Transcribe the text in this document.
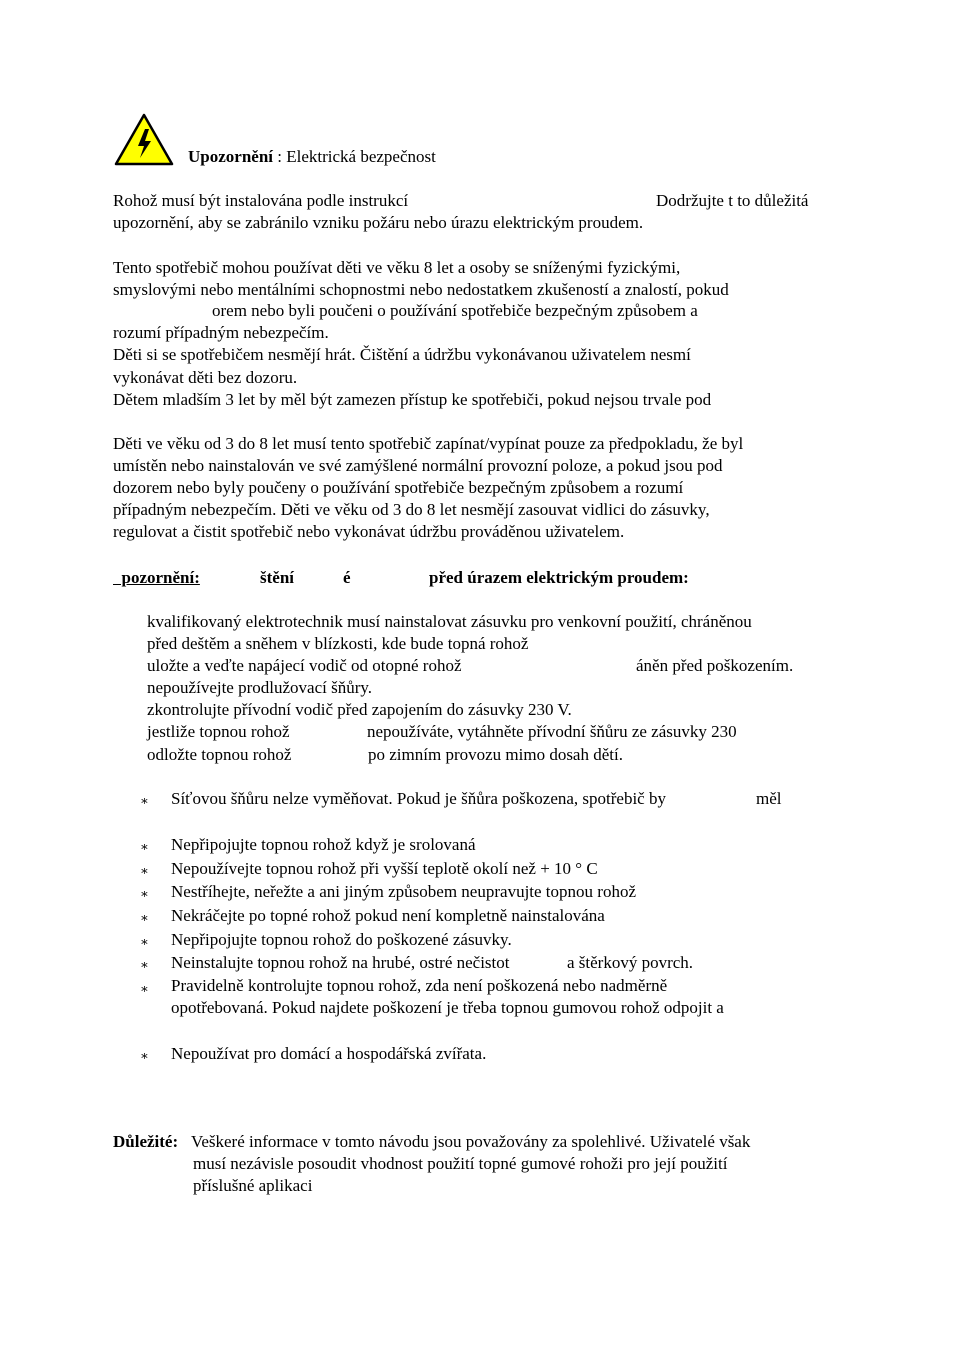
Upozornění : Elektrická bezpečnost
Rohož musí být instalována podle instrukcí	Dodržujte t to důležitá
upozornění, aby se zabránilo vzniku požáru nebo úrazu elektrickým proudem.
Tento spotřebič mohou používat děti ve věku 8 let a osoby se sníženými fyzickými,
smyslovými nebo mentálními schopnostmi nebo nedostatkem zkušeností a znalostí, pokud
orem nebo byli poučeni o používání spotřebiče bezpečným způsobem a
rozumí případným nebezpečím.
Děti si se spotřebičem nesmějí hrát. Čištění a údržbu vykonávanou uživatelem nesmí
vykonávat děti bez dozoru.
Dětem mladším 3 let by měl být zamezen přístup ke spotřebiči, pokud nejsou trvale pod
Děti ve věku od 3 do 8 let musí tento spotřebič zapínat/vypínat pouze za předpokladu, že byl
umístěn nebo nainstalován ve své zamýšlené normální provozní poloze, a pokud jsou pod
dozorem nebo byly poučeny o používání spotřebiče bezpečným způsobem a rozumí
případným nebezpečím. Děti ve věku od 3 do 8 let nesmějí zasouvat vidlici do zásuvky,
regulovat a čistit spotřebič nebo vykonávat údržbu prováděnou uživatelem.
pozornění:	štění	é	před úrazem elektrickým proudem:
kvalifikovaný elektrotechnik musí nainstalovat zásuvku pro venkovní použití, chráněnou
před deštěm a sněhem v blízkosti, kde bude topná rohož
uložte a veďte napájecí vodič od otopné rohož	áněn před poškozením.
nepoužívejte prodlužovací šňůry.
zkontrolujte přívodní vodič před zapojením do zásuvky 230 V.
jestliže topnou rohož	nepoužíváte, vytáhněte přívodní šňůru ze zásuvky 230
odložte topnou rohož	po zimním provozu mimo dosah dětí.
∗ Síťovou šňůru nelze vyměňovat. Pokud je šňůra poškozena, spotřebič by	měl
∗ Nepřipojujte topnou rohož když je srolovaná
∗ Nepoužívejte topnou rohož při vyšší teplotě okolí než + 10 ° C
∗ Nestříhejte, neřežte a ani jiným způsobem neupravujte topnou rohož
∗ Nekráčejte po topné rohož pokud není kompletně nainstalována
∗ Nepřipojujte topnou rohož do poškozené zásuvky.
∗ Neinstalujte topnou rohož na hrubé, ostré nečistot	a štěrkový povrch.
∗ Pravidelně kontrolujte topnou rohož, zda není poškozená nebo nadměrně
opotřebovaná. Pokud najdete poškození je třeba topnou gumovou rohož odpojit a
∗ Nepoužívat pro domácí a hospodářská zvířata.
Důležité: Veškeré informace v tomto návodu jsou považovány za spolehlivé. Uživatelé však
musí nezávisle posoudit vhodnost použití topné gumové rohoži pro její použití
příslušné aplikaci
